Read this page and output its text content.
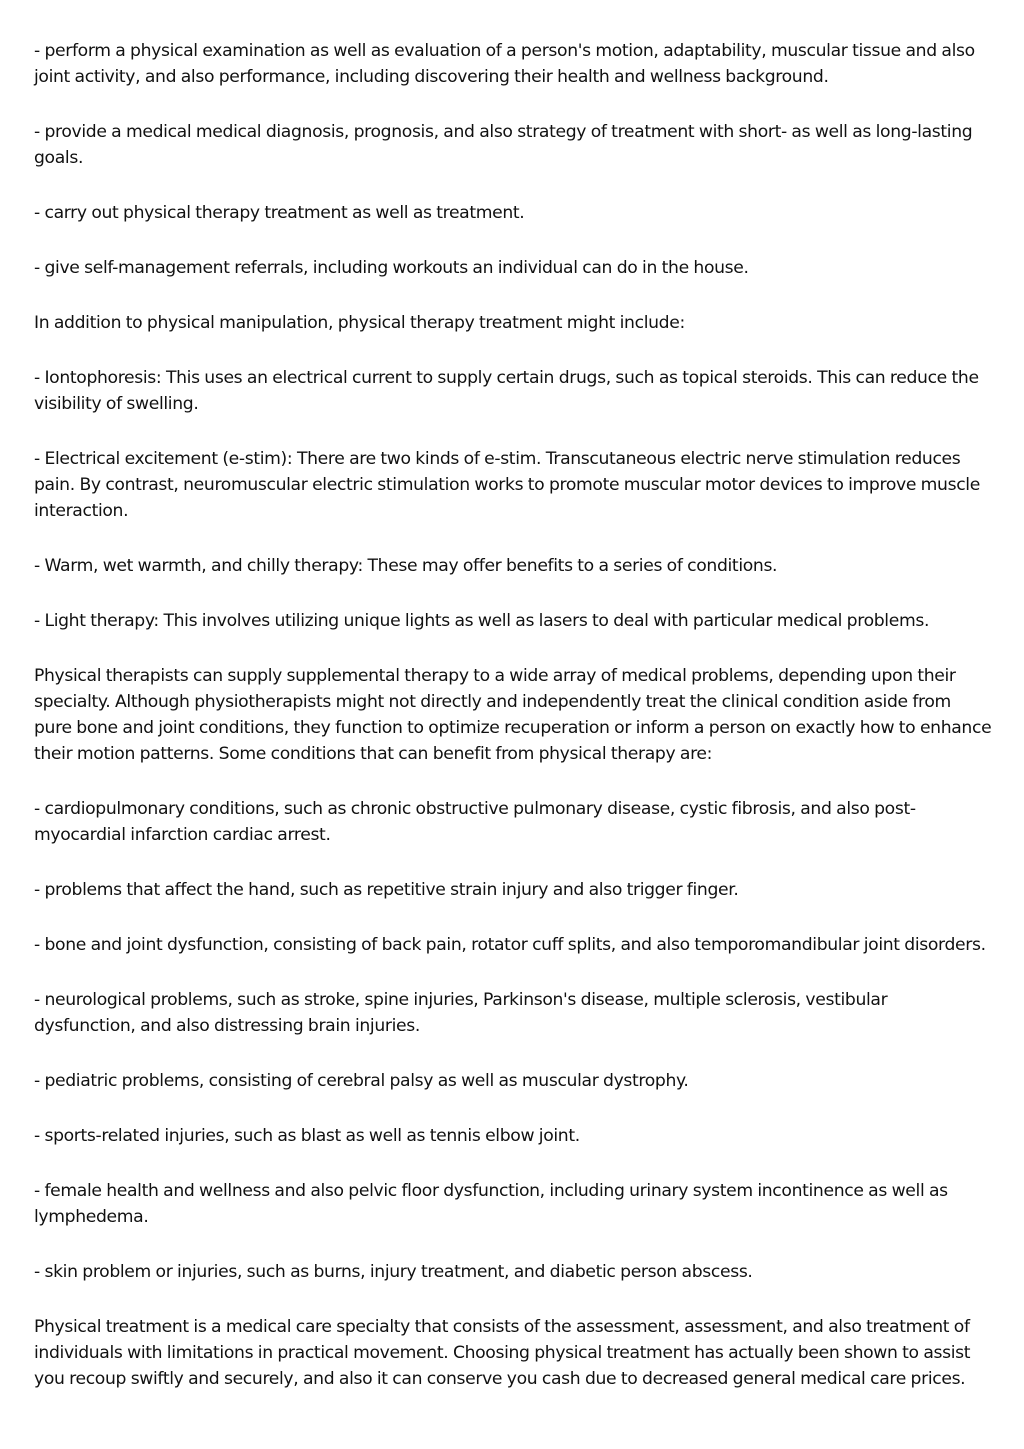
- perform a physical examination as well as evaluation of a person's motion, adaptability, muscular tissue and also joint activity, and also performance, including discovering their health and wellness background.

- provide a medical medical diagnosis, prognosis, and also strategy of treatment with short- as well as long-lasting goals.

- carry out physical therapy treatment as well as treatment.

- give self-management referrals, including workouts an individual can do in the house.

In addition to physical manipulation, physical therapy treatment might include:

- Iontophoresis: This uses an electrical current to supply certain drugs, such as topical steroids. This can reduce the visibility of swelling.

- Electrical excitement (e-stim): There are two kinds of e-stim. Transcutaneous electric nerve stimulation reduces pain. By contrast, neuromuscular electric stimulation works to promote muscular motor devices to improve muscle interaction.

- Warm, wet warmth, and chilly therapy: These may offer benefits to a series of conditions.

- Light therapy: This involves utilizing unique lights as well as lasers to deal with particular medical problems.

Physical therapists can supply supplemental therapy to a wide array of medical problems, depending upon their specialty. Although physiotherapists might not directly and independently treat the clinical condition aside from pure bone and joint conditions, they function to optimize recuperation or inform a person on exactly how to enhance their motion patterns. Some conditions that can benefit from physical therapy are:

- cardiopulmonary conditions, such as chronic obstructive pulmonary disease, cystic fibrosis, and also post-myocardial infarction cardiac arrest.

- problems that affect the hand, such as repetitive strain injury and also trigger finger.

- bone and joint dysfunction, consisting of back pain, rotator cuff splits, and also temporomandibular joint disorders.

- neurological problems, such as stroke, spine injuries, Parkinson's disease, multiple sclerosis, vestibular dysfunction, and also distressing brain injuries.

- pediatric problems, consisting of cerebral palsy as well as muscular dystrophy.

- sports-related injuries, such as blast as well as tennis elbow joint.

- female health and wellness and also pelvic floor dysfunction, including urinary system incontinence as well as lymphedema.

- skin problem or injuries, such as burns, injury treatment, and diabetic person abscess.

Physical treatment is a medical care specialty that consists of the assessment, assessment, and also treatment of individuals with limitations in practical movement. Choosing physical treatment has actually been shown to assist you recoup swiftly and securely, and also it can conserve you cash due to decreased general medical care prices.
